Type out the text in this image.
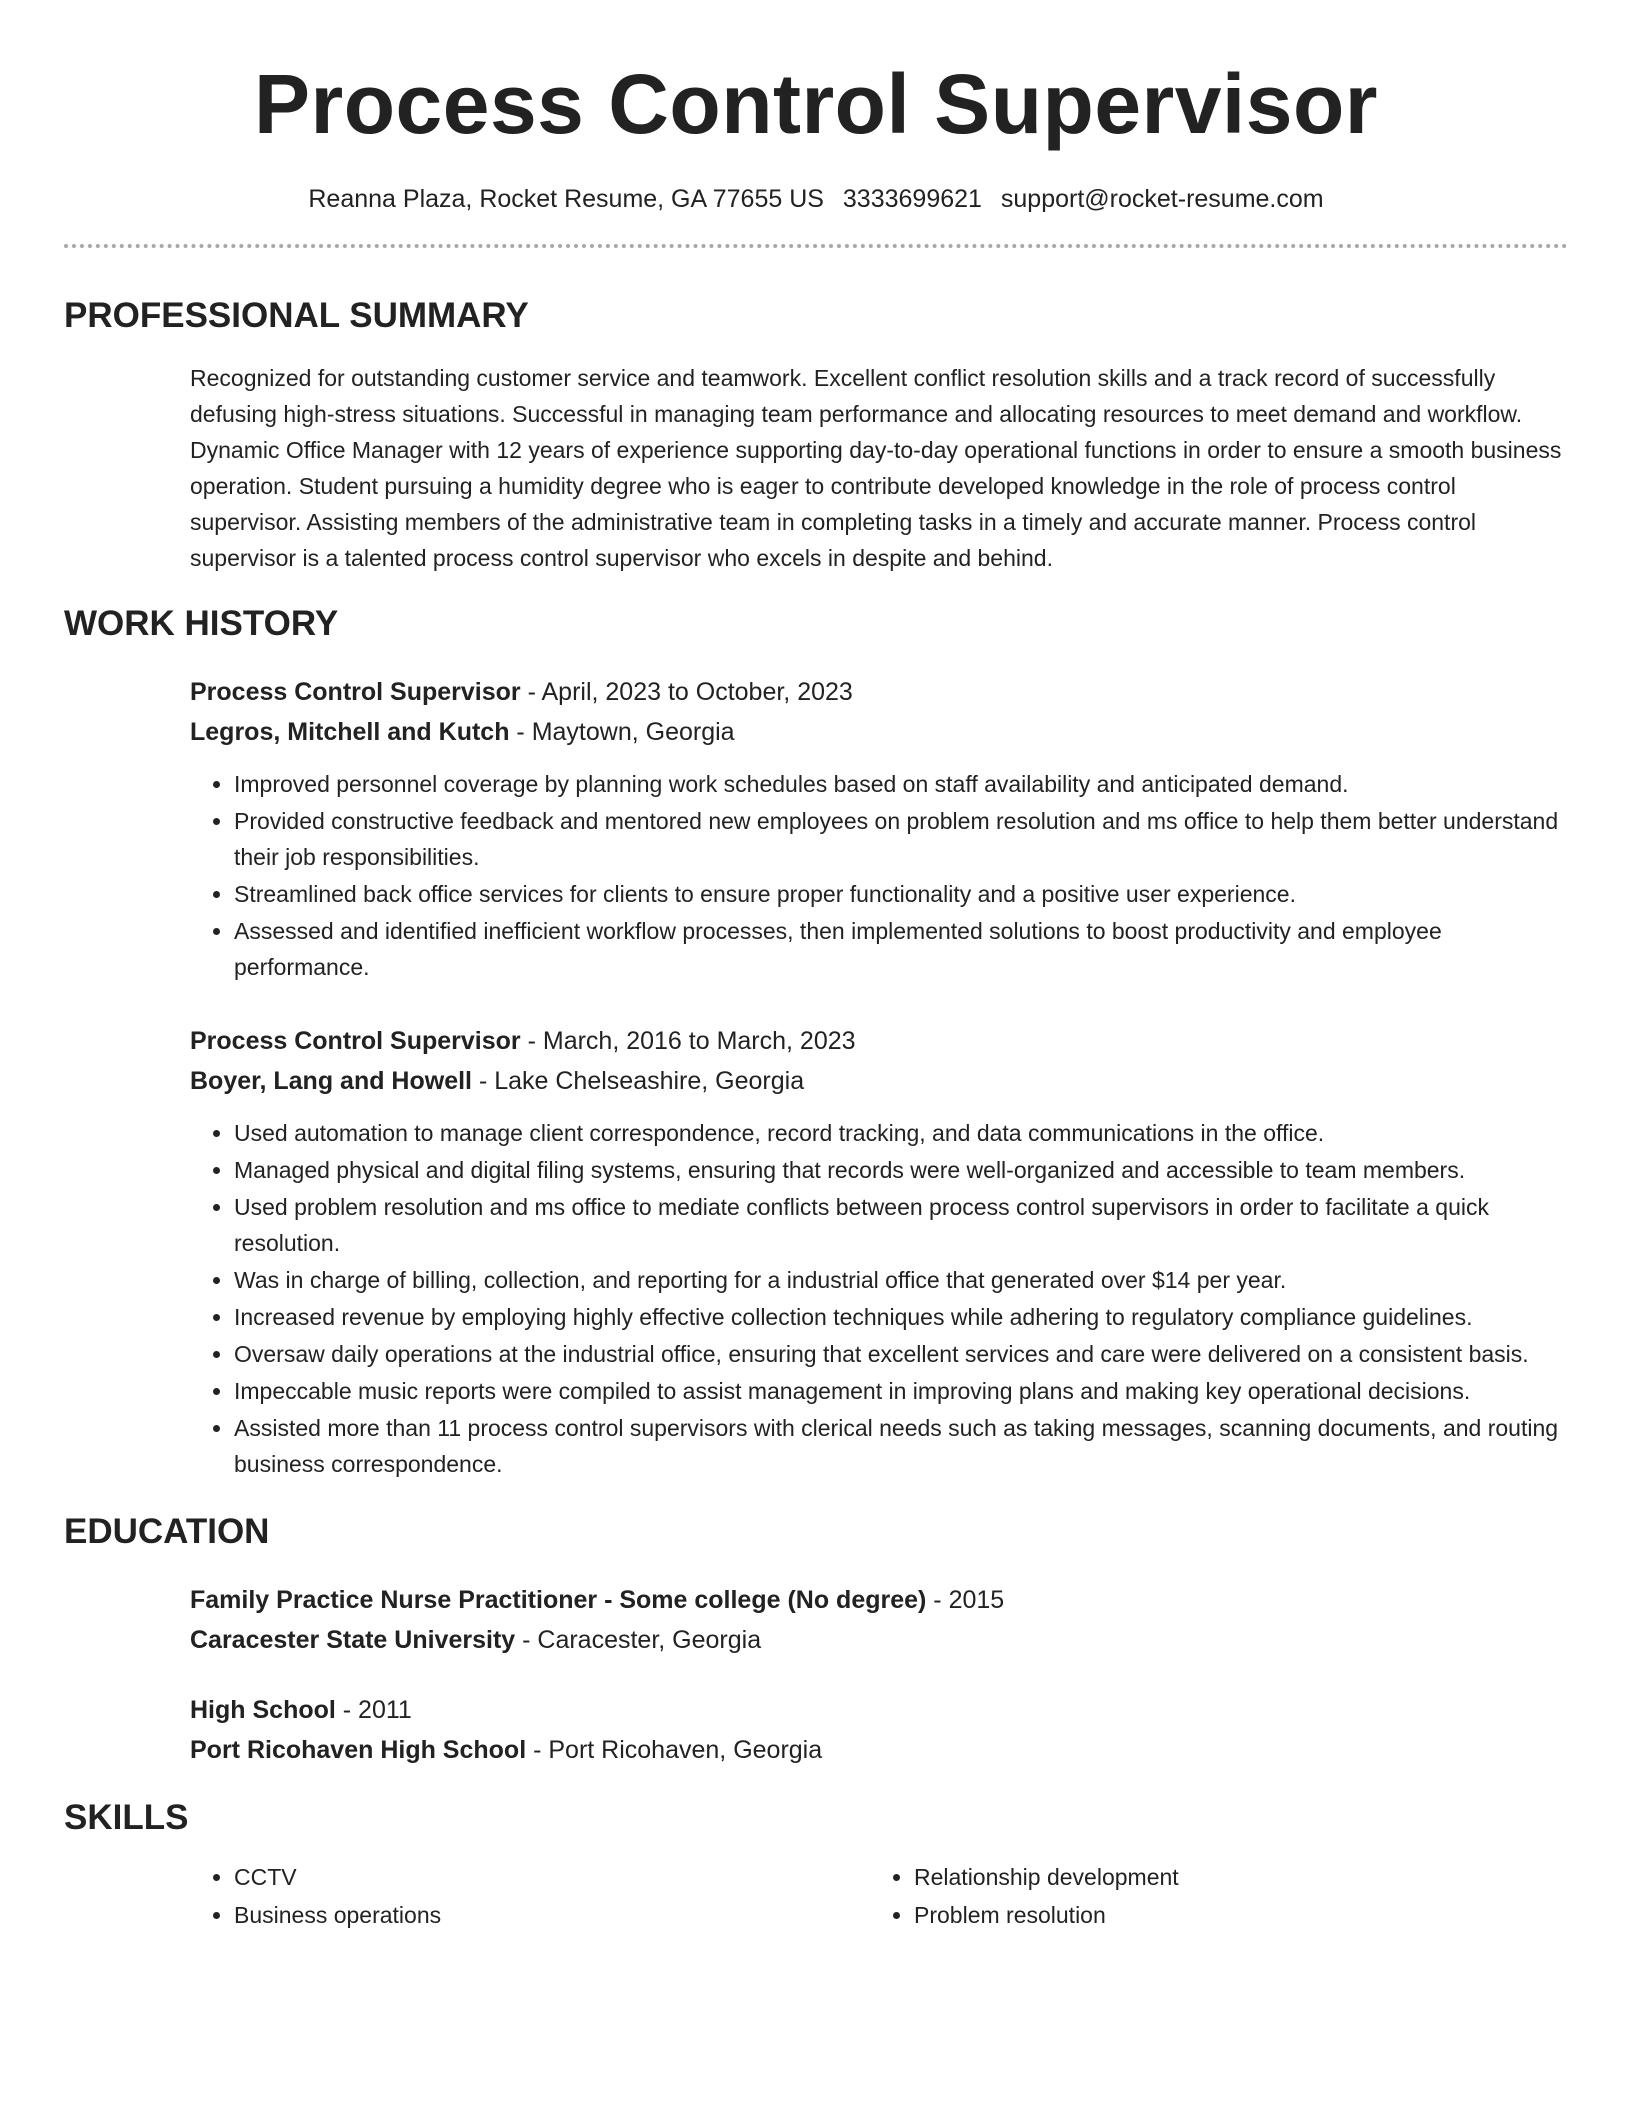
Process Control Supervisor
Reanna Plaza, Rocket Resume, GA 77655 US 3333699621 support@rocket-resume.com
PROFESSIONAL SUMMARY

Recognized for outstanding customer service and teamwork. Excellent conflict resolution skills and a track record of successfully defusing high-stress situations. Successful in managing team performance and allocating resources to meet demand and workflow. Dynamic Office Manager with 12 years of experience supporting day-to-day operational functions in order to ensure a smooth business operation. Student pursuing a humidity degree who is eager to contribute developed knowledge in the role of process control supervisor. Assisting members of the administrative team in completing tasks in a timely and accurate manner. Process control supervisor is a talented process control supervisor who excels in despite and behind.

WORK HISTORY

Process Control Supervisor - April, 2023 to October, 2023

Legros, Mitchell and Kutch - Maytown, Georgia

• Improved personnel coverage by planning work schedules based on staff availability and anticipated demand.
• Provided constructive feedback and mentored new employees on problem resolution and ms office to help them better understand their job responsibilities.
• Streamlined back office services for clients to ensure proper functionality and a positive user experience.
• Assessed and identified inefficient workflow processes, then implemented solutions to boost productivity and employee performance.

Process Control Supervisor - March, 2016 to March, 2023

Boyer, Lang and Howell - Lake Chelseashire, Georgia

• Used automation to manage client correspondence, record tracking, and data communications in the office.
• Managed physical and digital filing systems, ensuring that records were well-organized and accessible to team members.
• Used problem resolution and ms office to mediate conflicts between process control supervisors in order to facilitate a quick resolution.
• Was in charge of billing, collection, and reporting for a industrial office that generated over $14 per year.
• Increased revenue by employing highly effective collection techniques while adhering to regulatory compliance guidelines.
• Oversaw daily operations at the industrial office, ensuring that excellent services and care were delivered on a consistent basis.
• Impeccable music reports were compiled to assist management in improving plans and making key operational decisions.
• Assisted more than 11 process control supervisors with clerical needs such as taking messages, scanning documents, and routing business correspondence.
EDUCATION

Family Practice Nurse Practitioner - Some college (No degree) - 2015

Caracester State University - Caracester, Georgia

High School - 2011

Port Ricohaven High School - Port Ricohaven, Georgia

SKILLS
• CCTV
• Business operations
• Relationship development
• Problem resolution
